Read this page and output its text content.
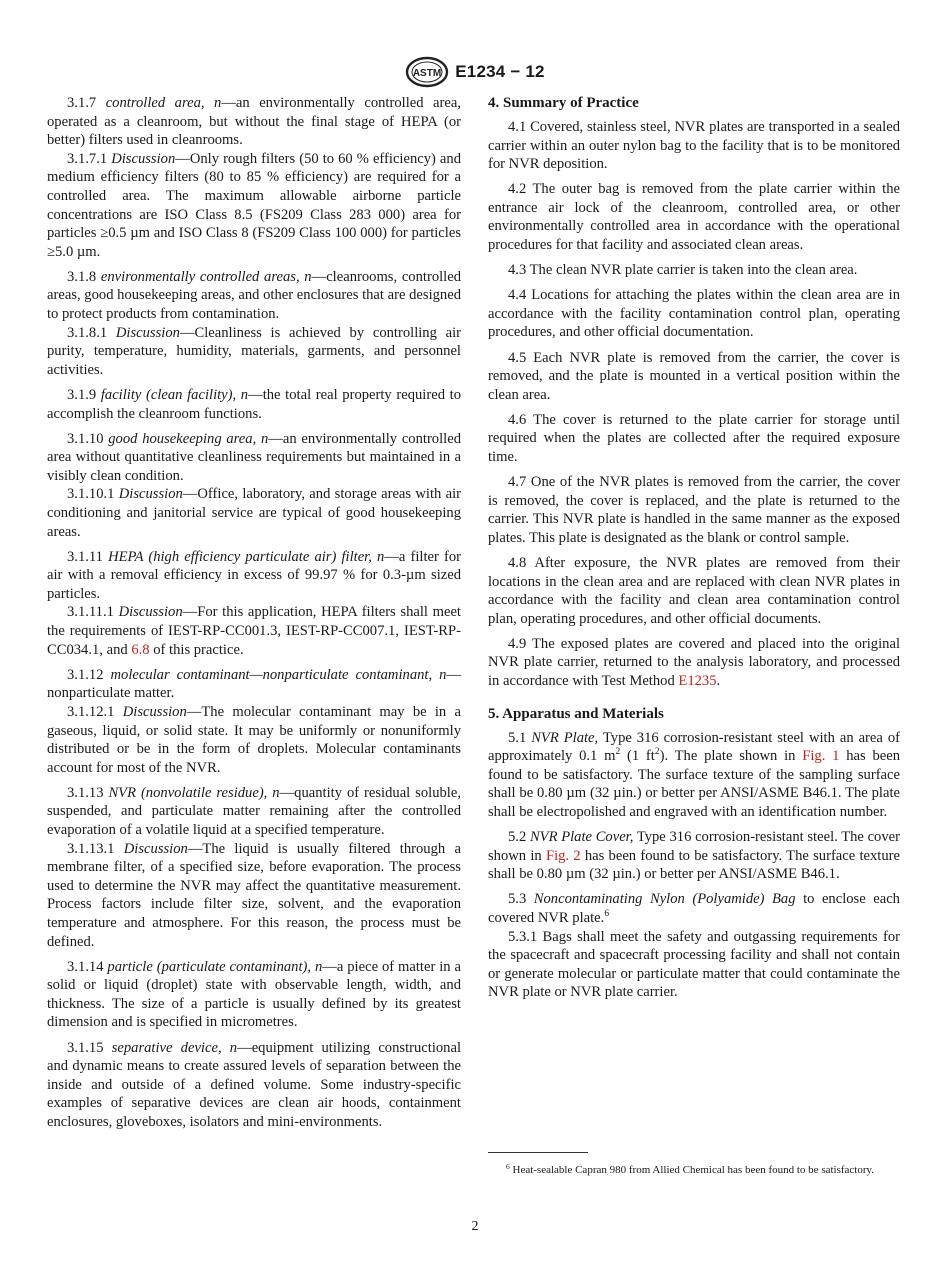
ASTM E1234 − 12

3.1.7 controlled area, n—an environmentally controlled area, operated as a cleanroom, but without the final stage of HEPA (or better) filters used in cleanrooms.

3.1.7.1 Discussion—Only rough filters (50 to 60 % efficiency) and medium efficiency filters (80 to 85 % efficiency) are required for a controlled area. The maximum allowable airborne particle concentrations are ISO Class 8.5 (FS209 Class 283 000) area for particles ≥0.5 µm and ISO Class 8 (FS209 Class 100 000) for particles ≥5.0 µm.

3.1.8 environmentally controlled areas, n—cleanrooms, controlled areas, good housekeeping areas, and other enclosures that are designed to protect products from contamination.

3.1.8.1 Discussion—Cleanliness is achieved by controlling air purity, temperature, humidity, materials, garments, and personnel activities.

3.1.9 facility (clean facility), n—the total real property required to accomplish the cleanroom functions.

3.1.10 good housekeeping area, n—an environmentally controlled area without quantitative cleanliness requirements but maintained in a visibly clean condition.

3.1.10.1 Discussion—Office, laboratory, and storage areas with air conditioning and janitorial service are typical of good housekeeping areas.

3.1.11 HEPA (high efficiency particulate air) filter, n—a filter for air with a removal efficiency in excess of 99.97 % for 0.3-µm sized particles.

3.1.11.1 Discussion—For this application, HEPA filters shall meet the requirements of IEST-RP-CC001.3, IEST-RP-CC007.1, IEST-RP-CC034.1, and 6.8 of this practice.

3.1.12 molecular contaminant—nonparticulate contaminant, n—nonparticulate matter.

3.1.12.1 Discussion—The molecular contaminant may be in a gaseous, liquid, or solid state. It may be uniformly or nonuniformly distributed or be in the form of droplets. Molecular contaminants account for most of the NVR.

3.1.13 NVR (nonvolatile residue), n—quantity of residual soluble, suspended, and particulate matter remaining after the controlled evaporation of a volatile liquid at a specified temperature.

3.1.13.1 Discussion—The liquid is usually filtered through a membrane filter, of a specified size, before evaporation. The process used to determine the NVR may affect the quantitative measurement. Process factors include filter size, solvent, and the evaporation temperature and atmosphere. For this reason, the process must be defined.

3.1.14 particle (particulate contaminant), n—a piece of matter in a solid or liquid (droplet) state with observable length, width, and thickness. The size of a particle is usually defined by its greatest dimension and is specified in micrometres.

3.1.15 separative device, n—equipment utilizing constructional and dynamic means to create assured levels of separation between the inside and outside of a defined volume. Some industry-specific examples of separative devices are clean air hoods, containment enclosures, gloveboxes, isolators and mini-environments.

4. Summary of Practice

4.1 Covered, stainless steel, NVR plates are transported in a sealed carrier within an outer nylon bag to the facility that is to be monitored for NVR deposition.

4.2 The outer bag is removed from the plate carrier within the entrance air lock of the cleanroom, controlled area, or other environmentally controlled area in accordance with the operational procedures for that facility and associated clean areas.

4.3 The clean NVR plate carrier is taken into the clean area.

4.4 Locations for attaching the plates within the clean area are in accordance with the facility contamination control plan, operating procedures, and other official documentation.

4.5 Each NVR plate is removed from the carrier, the cover is removed, and the plate is mounted in a vertical position within the clean area.

4.6 The cover is returned to the plate carrier for storage until required when the plates are collected after the required exposure time.

4.7 One of the NVR plates is removed from the carrier, the cover is removed, the cover is replaced, and the plate is returned to the carrier. This NVR plate is handled in the same manner as the exposed plates. This plate is designated as the blank or control sample.

4.8 After exposure, the NVR plates are removed from their locations in the clean area and are replaced with clean NVR plates in accordance with the facility and clean area contamination control plan, operating procedures, and other official documents.

4.9 The exposed plates are covered and placed into the original NVR plate carrier, returned to the analysis laboratory, and processed in accordance with Test Method E1235.

5. Apparatus and Materials

5.1 NVR Plate, Type 316 corrosion-resistant steel with an area of approximately 0.1 $m^2$ (1 $ft^2$). The plate shown in Fig. 1 has been found to be satisfactory. The surface texture of the sampling surface shall be 0.80 µm (32 µin.) or better per ANSI/ASME B46.1. The plate shall be electropolished and engraved with an identification number.

5.2 NVR Plate Cover, Type 316 corrosion-resistant steel. The cover shown in Fig. 2 has been found to be satisfactory. The surface texture shall be 0.80 µm (32 µin.) or better per ANSI/ASME B46.1.

5.3 Noncontaminating Nylon (Polyamide) Bag to enclose each covered NVR plate.$^6$

5.3.1 Bags shall meet the safety and outgassing requirements for the spacecraft and spacecraft processing facility and shall not contain or generate molecular or particulate matter that could contaminate the NVR plate or NVR plate carrier.

$^6$ Heat-sealable Capran 980 from Allied Chemical has been found to be satisfactory.
2
